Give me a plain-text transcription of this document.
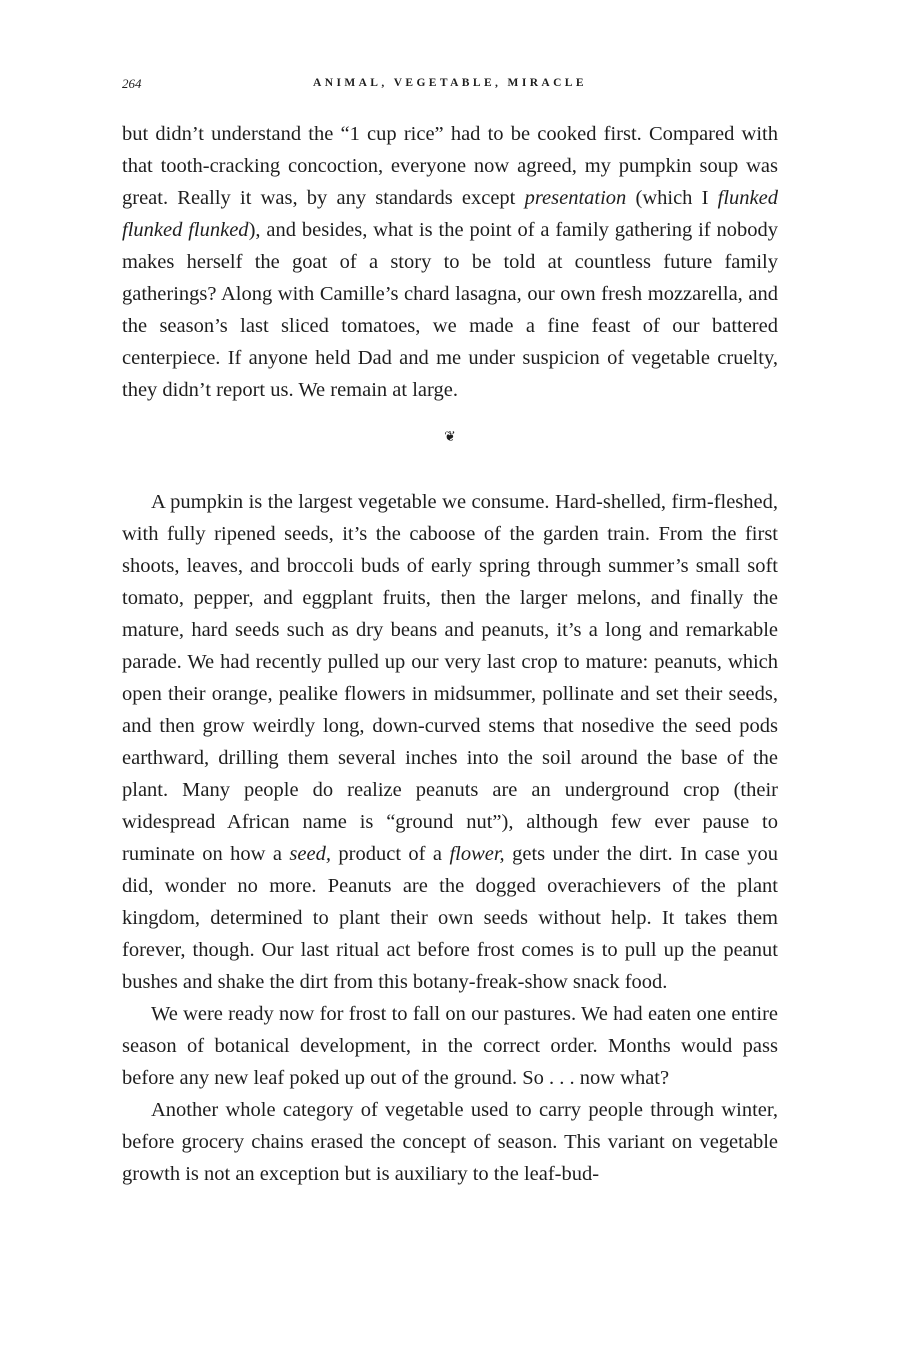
264	ANIMAL, VEGETABLE, MIRACLE

but didn’t understand the “1 cup rice” had to be cooked first. Compared with that tooth-cracking concoction, everyone now agreed, my pumpkin soup was great. Really it was, by any standards except presentation (which I flunked flunked flunked), and besides, what is the point of a family gathering if nobody makes herself the goat of a story to be told at countless future family gatherings? Along with Camille’s chard lasagna, our own fresh mozzarella, and the season’s last sliced tomatoes, we made a fine feast of our battered centerpiece. If anyone held Dad and me under suspicion of vegetable cruelty, they didn’t report us. We remain at large.

❦

A pumpkin is the largest vegetable we consume. Hard-shelled, firm-fleshed, with fully ripened seeds, it’s the caboose of the garden train. From the first shoots, leaves, and broccoli buds of early spring through summer’s small soft tomato, pepper, and eggplant fruits, then the larger melons, and finally the mature, hard seeds such as dry beans and peanuts, it’s a long and remarkable parade. We had recently pulled up our very last crop to mature: peanuts, which open their orange, pealike flowers in midsummer, pollinate and set their seeds, and then grow weirdly long, down-curved stems that nosedive the seed pods earthward, drilling them several inches into the soil around the base of the plant. Many people do realize peanuts are an underground crop (their widespread African name is “ground nut”), although few ever pause to ruminate on how a seed, product of a flower, gets under the dirt. In case you did, wonder no more. Peanuts are the dogged overachievers of the plant kingdom, determined to plant their own seeds without help. It takes them forever, though. Our last ritual act before frost comes is to pull up the peanut bushes and shake the dirt from this botany-freak-show snack food.

We were ready now for frost to fall on our pastures. We had eaten one entire season of botanical development, in the correct order. Months would pass before any new leaf poked up out of the ground. So . . . now what?

Another whole category of vegetable used to carry people through winter, before grocery chains erased the concept of season. This variant on vegetable growth is not an exception but is auxiliary to the leaf-bud-
